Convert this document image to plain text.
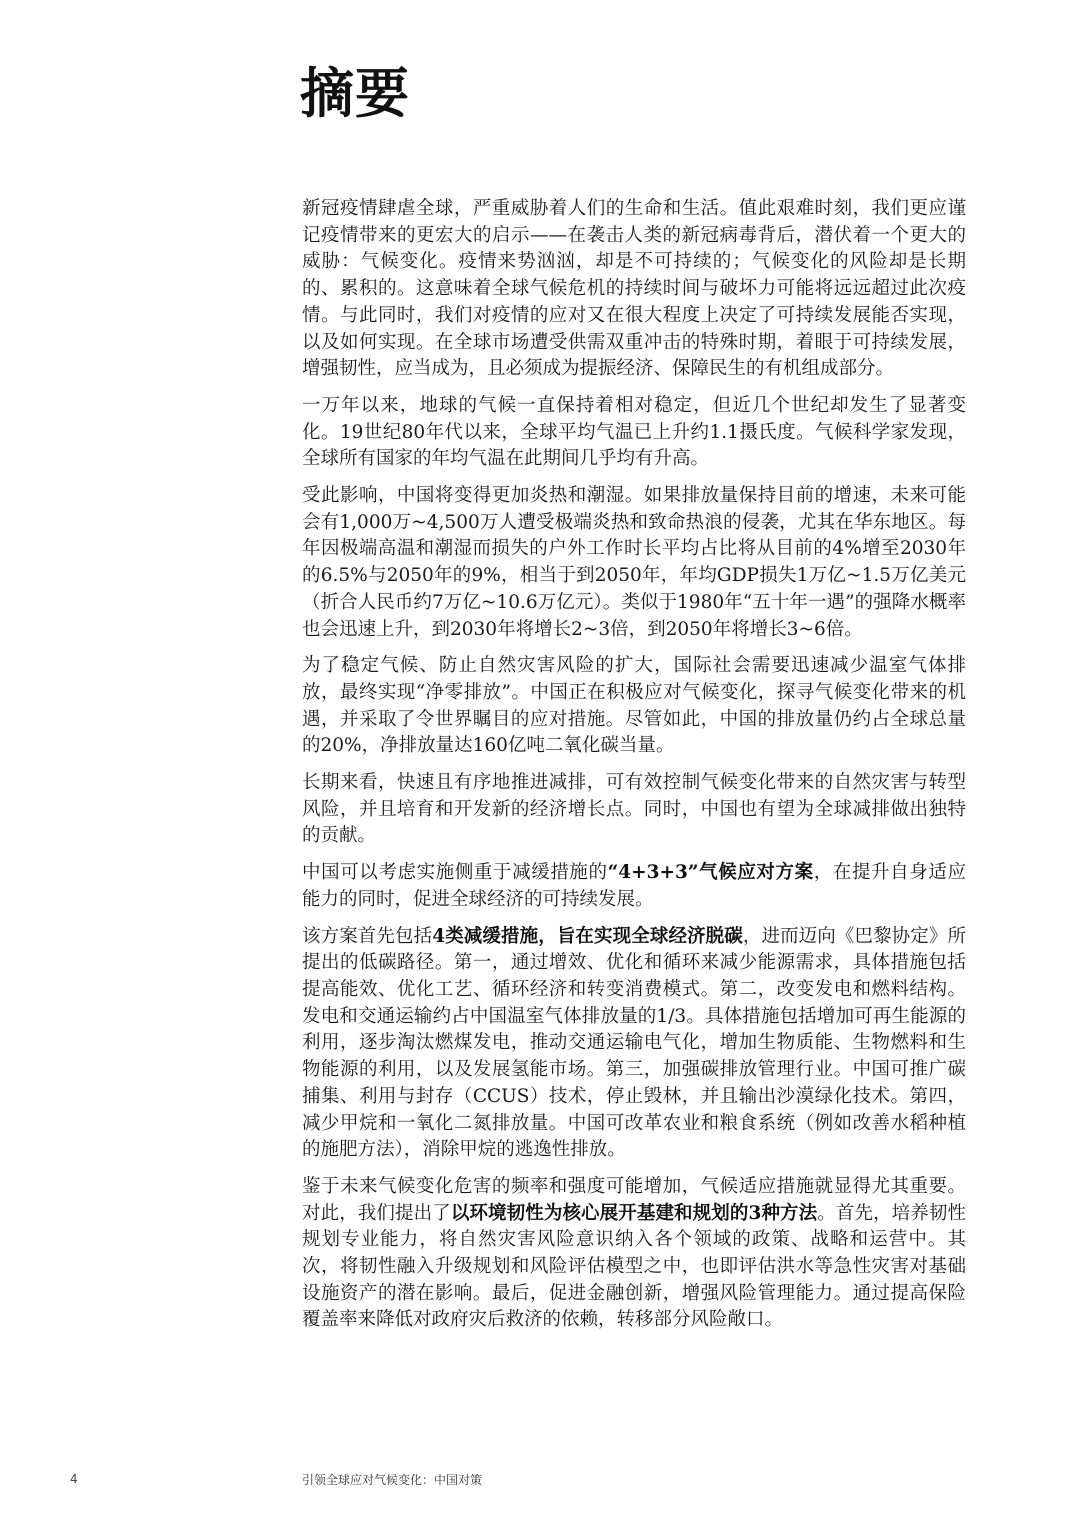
摘要

新冠疫情肆虐全球，严重威胁着人们的生命和生活。值此艰难时刻，我们更应谨记疫情带来的更宏大的启示——在袭击人类的新冠病毒背后，潜伏着一个更大的威胁：气候变化。疫情来势汹汹，却是不可持续的；气候变化的风险却是长期的、累积的。这意味着全球气候危机的持续时间与破坏力可能将远远超过此次疫情。与此同时，我们对疫情的应对又在很大程度上决定了可持续发展能否实现，以及如何实现。在全球市场遭受供需双重冲击的特殊时期，着眼于可持续发展，增强韧性，应当成为，且必须成为提振经济、保障民生的有机组成部分。

一万年以来，地球的气候一直保持着相对稳定，但近几个世纪却发生了显著变化。19世纪80年代以来，全球平均气温已上升约1.1摄氏度。气候科学家发现，全球所有国家的年均气温在此期间几乎均有升高。

受此影响，中国将变得更加炎热和潮湿。如果排放量保持目前的增速，未来可能会有1,000万~4,500万人遭受极端炎热和致命热浪的侵袭，尤其在华东地区。每年因极端高温和潮湿而损失的户外工作时长平均占比将从目前的4%增至2030年的6.5%与2050年的9%，相当于到2050年，年均GDP损失1万亿~1.5万亿美元（折合人民币约7万亿~10.6万亿元）。类似于1980年“五十年一遇”的强降水概率也会迅速上升，到2030年将增长2~3倍，到2050年将增长3~6倍。

为了稳定气候、防止自然灾害风险的扩大，国际社会需要迅速减少温室气体排放，最终实现“净零排放”。中国正在积极应对气候变化，探寻气候变化带来的机遇，并采取了令世界瞩目的应对措施。尽管如此，中国的排放量仍约占全球总量的20%，净排放量达160亿吨二氧化碳当量。

长期来看，快速且有序地推进减排，可有效控制气候变化带来的自然灾害与转型风险，并且培育和开发新的经济增长点。同时，中国也有望为全球减排做出独特的贡献。

中国可以考虑实施侧重于减缓措施的“4+3+3”气候应对方案，在提升自身适应能力的同时，促进全球经济的可持续发展。

该方案首先包括4类减缓措施，旨在实现全球经济脱碳，进而迈向《巴黎协定》所提出的低碳路径。第一，通过增效、优化和循环来减少能源需求，具体措施包括提高能效、优化工艺、循环经济和转变消费模式。第二，改变发电和燃料结构。发电和交通运输约占中国温室气体排放量的1/3。具体措施包括增加可再生能源的利用，逐步淘汰燃煤发电，推动交通运输电气化，增加生物质能、生物燃料和生物能源的利用，以及发展氢能市场。第三，加强碳排放管理行业。中国可推广碳捕集、利用与封存（CCUS）技术，停止毁林，并且输出沙漠绿化技术。第四，减少甲烷和一氧化二氮排放量。中国可改革农业和粮食系统（例如改善水稻种植的施肥方法），消除甲烷的逃逸性排放。

鉴于未来气候变化危害的频率和强度可能增加，气候适应措施就显得尤其重要。对此，我们提出了以环境韧性为核心展开基建和规划的3种方法。首先，培养韧性规划专业能力，将自然灾害风险意识纳入各个领域的政策、战略和运营中。其次，将韧性融入升级规划和风险评估模型之中，也即评估洪水等急性灾害对基础设施资产的潜在影响。最后，促进金融创新，增强风险管理能力。通过提高保险覆盖率来降低对政府灾后救济的依赖，转移部分风险敞口。

4	引领全球应对气候变化：中国对策
